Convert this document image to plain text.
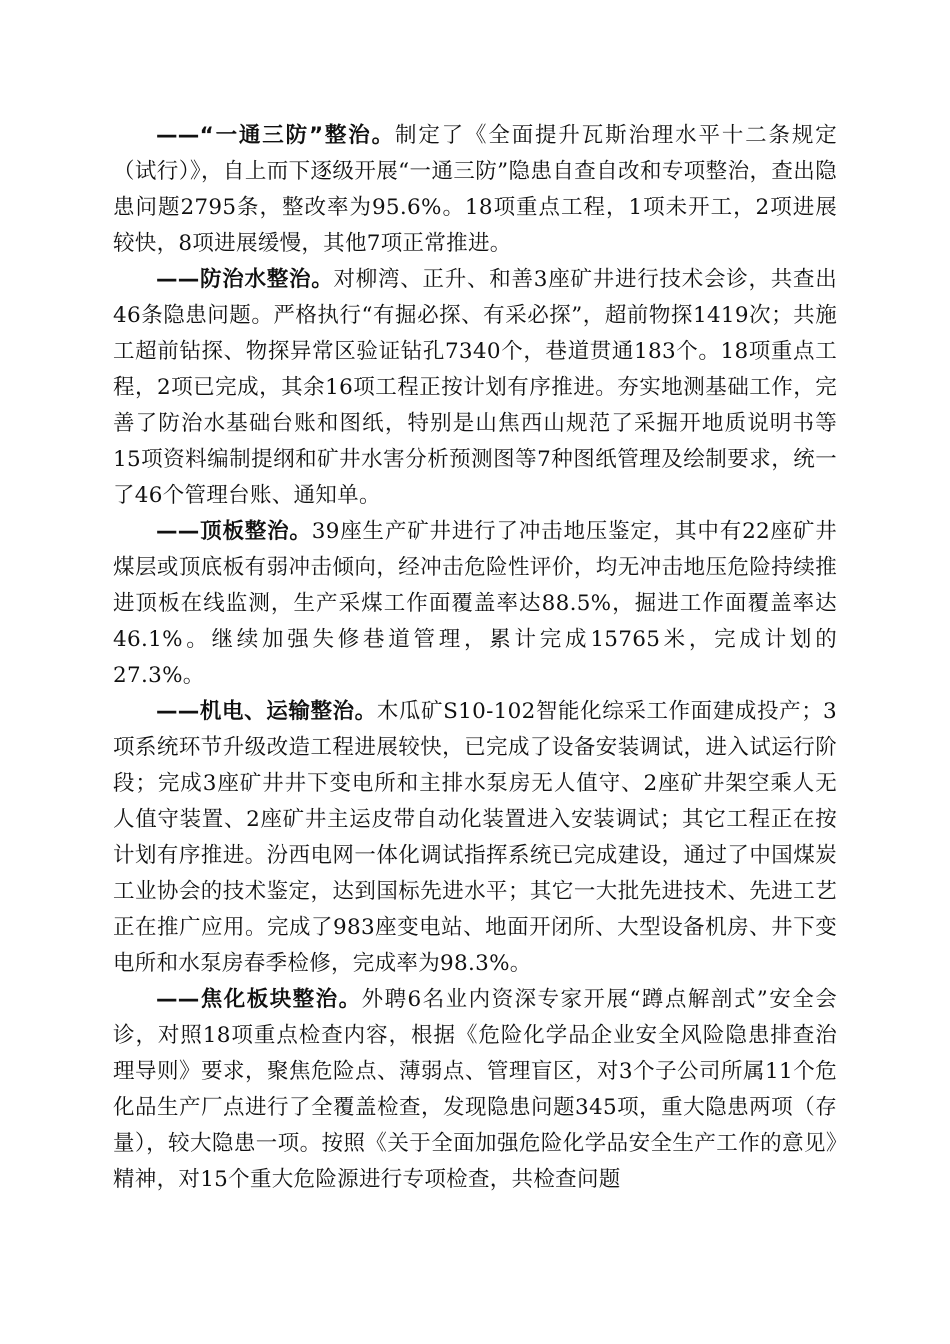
——“一通三防”整治。制定了《全面提升瓦斯治理水平十二条规定（试行）》，自上而下逐级开展“一通三防”隐患自查自改和专项整治，查出隐患问题2795条，整改率为95.6%。18项重点工程，1项未开工，2项进展较快，8项进展缓慢，其他7项正常推进。

——防治水整治。对柳湾、正升、和善3座矿井进行技术会诊，共查出46条隐患问题。严格执行“有掘必探、有采必探”，超前物探1419次；共施工超前钻探、物探异常区验证钻孔7340个，巷道贯通183个。18项重点工程，2项已完成，其余16项工程正按计划有序推进。夯实地测基础工作，完善了防治水基础台账和图纸，特别是山焦西山规范了采掘开地质说明书等15项资料编制提纲和矿井水害分析预测图等7种图纸管理及绘制要求，统一了46个管理台账、通知单。

——顶板整治。39座生产矿井进行了冲击地压鉴定，其中有22座矿井煤层或顶底板有弱冲击倾向，经冲击危险性评价，均无冲击地压危险持续推进顶板在线监测，生产采煤工作面覆盖率达88.5%，掘进工作面覆盖率达46.1%。继续加强失修巷道管理，累计完成15765米，完成计划的27.3%。

——机电、运输整治。木瓜矿S10-102智能化综采工作面建成投产；3项系统环节升级改造工程进展较快，已完成了设备安装调试，进入试运行阶段；完成3座矿井井下变电所和主排水泵房无人值守、2座矿井架空乘人无人值守装置、2座矿井主运皮带自动化装置进入安装调试；其它工程正在按计划有序推进。汾西电网一体化调试指挥系统已完成建设，通过了中国煤炭工业协会的技术鉴定，达到国标先进水平；其它一大批先进技术、先进工艺正在推广应用。完成了983座变电站、地面开闭所、大型设备机房、井下变电所和水泵房春季检修，完成率为98.3%。

——焦化板块整治。外聘6名业内资深专家开展“蹲点解剖式”安全会诊，对照18项重点检查内容，根据《危险化学品企业安全风险隐患排查治理导则》要求，聚焦危险点、薄弱点、管理盲区，对3个子公司所属11个危化品生产厂点进行了全覆盖检查，发现隐患问题345项，重大隐患两项（存量），较大隐患一项。按照《关于全面加强危险化学品安全生产工作的意见》精神，对15个重大危险源进行专项检查，共检查问题
